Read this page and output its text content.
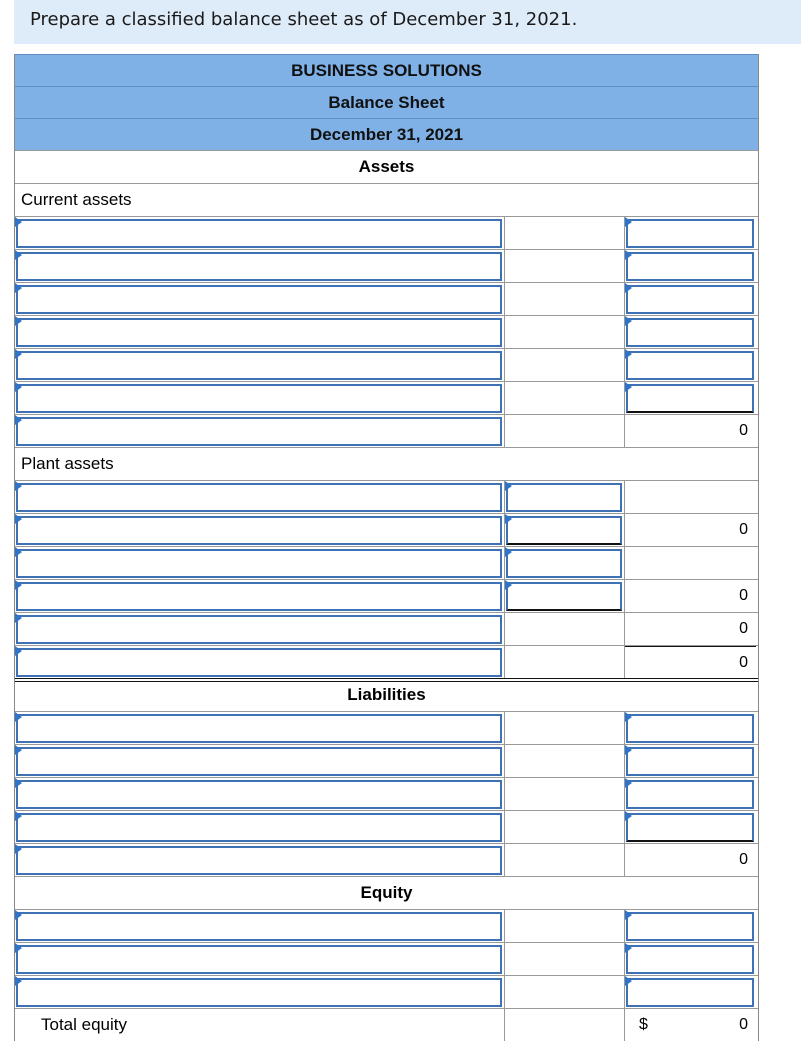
Prepare a classified balance sheet as of December 31, 2021.
BUSINESS SOLUTIONS
Balance Sheet
December 31, 2021
Assets
Current assets
0
Plant assets
0
0
0
0
Liabilities
0
Equity
Total equity	$	0
